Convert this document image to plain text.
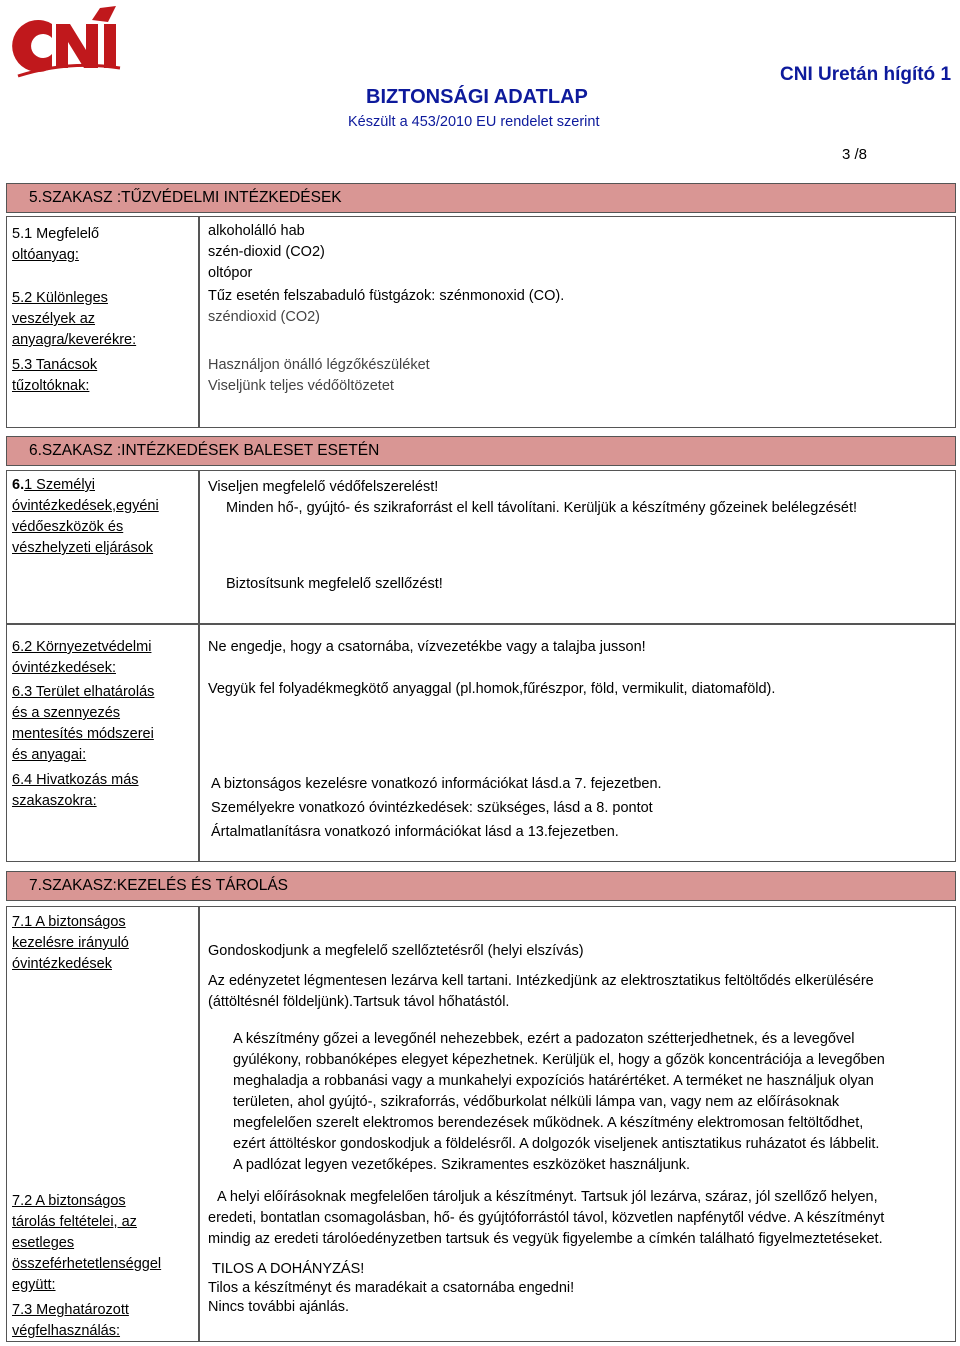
BIZTONSÁGI ADATLAP
Készült a 453/2010 EU rendelet szerint
CNI Uretán hígító 1
3 /8
5.SZAKASZ :TŰZVÉDELMI INTÉZKEDÉSEK
5.1 Megfelelő
oltóanyag:
5.2 Különleges
veszélyek az
anyagra/keverékre:
5.3 Tanácsok
tűzoltóknak:
alkoholálló hab
szén-dioxid (CO2)
oltópor
Tűz esetén felszabaduló füstgázok: szénmonoxid (CO).
széndioxid (CO2)
Használjon önálló légzőkészüléket
Viseljünk teljes védőöltözetet
6.SZAKASZ :INTÉZKEDÉSEK BALESET ESETÉN
6.1 Személyi
óvintézkedések,egyéni
védőeszközök és
vészhelyzeti eljárások
Viseljen megfelelő védőfelszerelést!
Minden hő-, gyújtó- és szikraforrást el kell távolítani. Kerüljük a készítmény gőzeinek belélegzését!
Biztosítsunk megfelelő szellőzést!
6.2 Környezetvédelmi
óvintézkedések:
Ne engedje, hogy a csatornába, vízvezetékbe vagy a talajba jusson!
6.3 Terület elhatárolás
és a szennyezés
mentesítés módszerei
és anyagai:
Vegyük fel folyadékmegkötő anyaggal (pl.homok,fűrészpor, föld, vermikulit, diatomaföld).
6.4 Hivatkozás más
szakaszokra:
A biztonságos kezelésre vonatkozó információkat lásd.a 7. fejezetben.
Személyekre vonatkozó óvintézkedések: szükséges, lásd a 8. pontot
Ártalmatlanításra vonatkozó információkat lásd a 13.fejezetben.
7.SZAKASZ:KEZELÉS ÉS TÁROLÁS
7.1 A biztonságos
kezelésre irányuló
óvintézkedések
Gondoskodjunk a megfelelő szellőztetésről (helyi elszívás)
Az edényzetet légmentesen lezárva kell tartani. Intézkedjünk az elektrosztatikus feltöltődés elkerülésére
(áttöltésnél földeljünk).Tartsuk távol hőhatástól.
A készítmény gőzei a levegőnél nehezebbek, ezért a padozaton szétterjedhetnek, és a levegővel
gyúlékony, robbanóképes elegyet képezhetnek. Kerüljük el, hogy a gőzök koncentrációja a levegőben
meghaladja a robbanási vagy a munkahelyi expozíciós határértéket. A terméket ne használjuk olyan
területen, ahol gyújtó-, szikraforrás, védőburkolat nélküli lámpa van, vagy nem az előírásoknak
megfelelően szerelt elektromos berendezések működnek. A készítmény elektromosan feltöltődhet,
ezért áttöltéskor gondoskodjuk a földelésről. A dolgozók viseljenek antisztatikus ruházatot és lábbelit.
A padlózat legyen vezetőképes. Szikramentes eszközöket használjunk.
7.2 A biztonságos
tárolás feltételei, az
esetleges
összeférhetetlenséggel
együtt:
A helyi előírásoknak megfelelően tároljuk a készítményt. Tartsuk jól lezárva, száraz, jól szellőző helyen,
eredeti, bontatlan csomagolásban, hő- és gyújtóforrástól távol, közvetlen napfénytől védve. A készítményt
mindig az eredeti tárolóedényzetben tartsuk és vegyük figyelembe a címkén található figyelmeztetéseket.
TILOS A DOHÁNYZÁS!
Tilos a készítményt és maradékait a csatornába engedni!
7.3 Meghatározott
végfelhasználás:
Nincs további ajánlás.
